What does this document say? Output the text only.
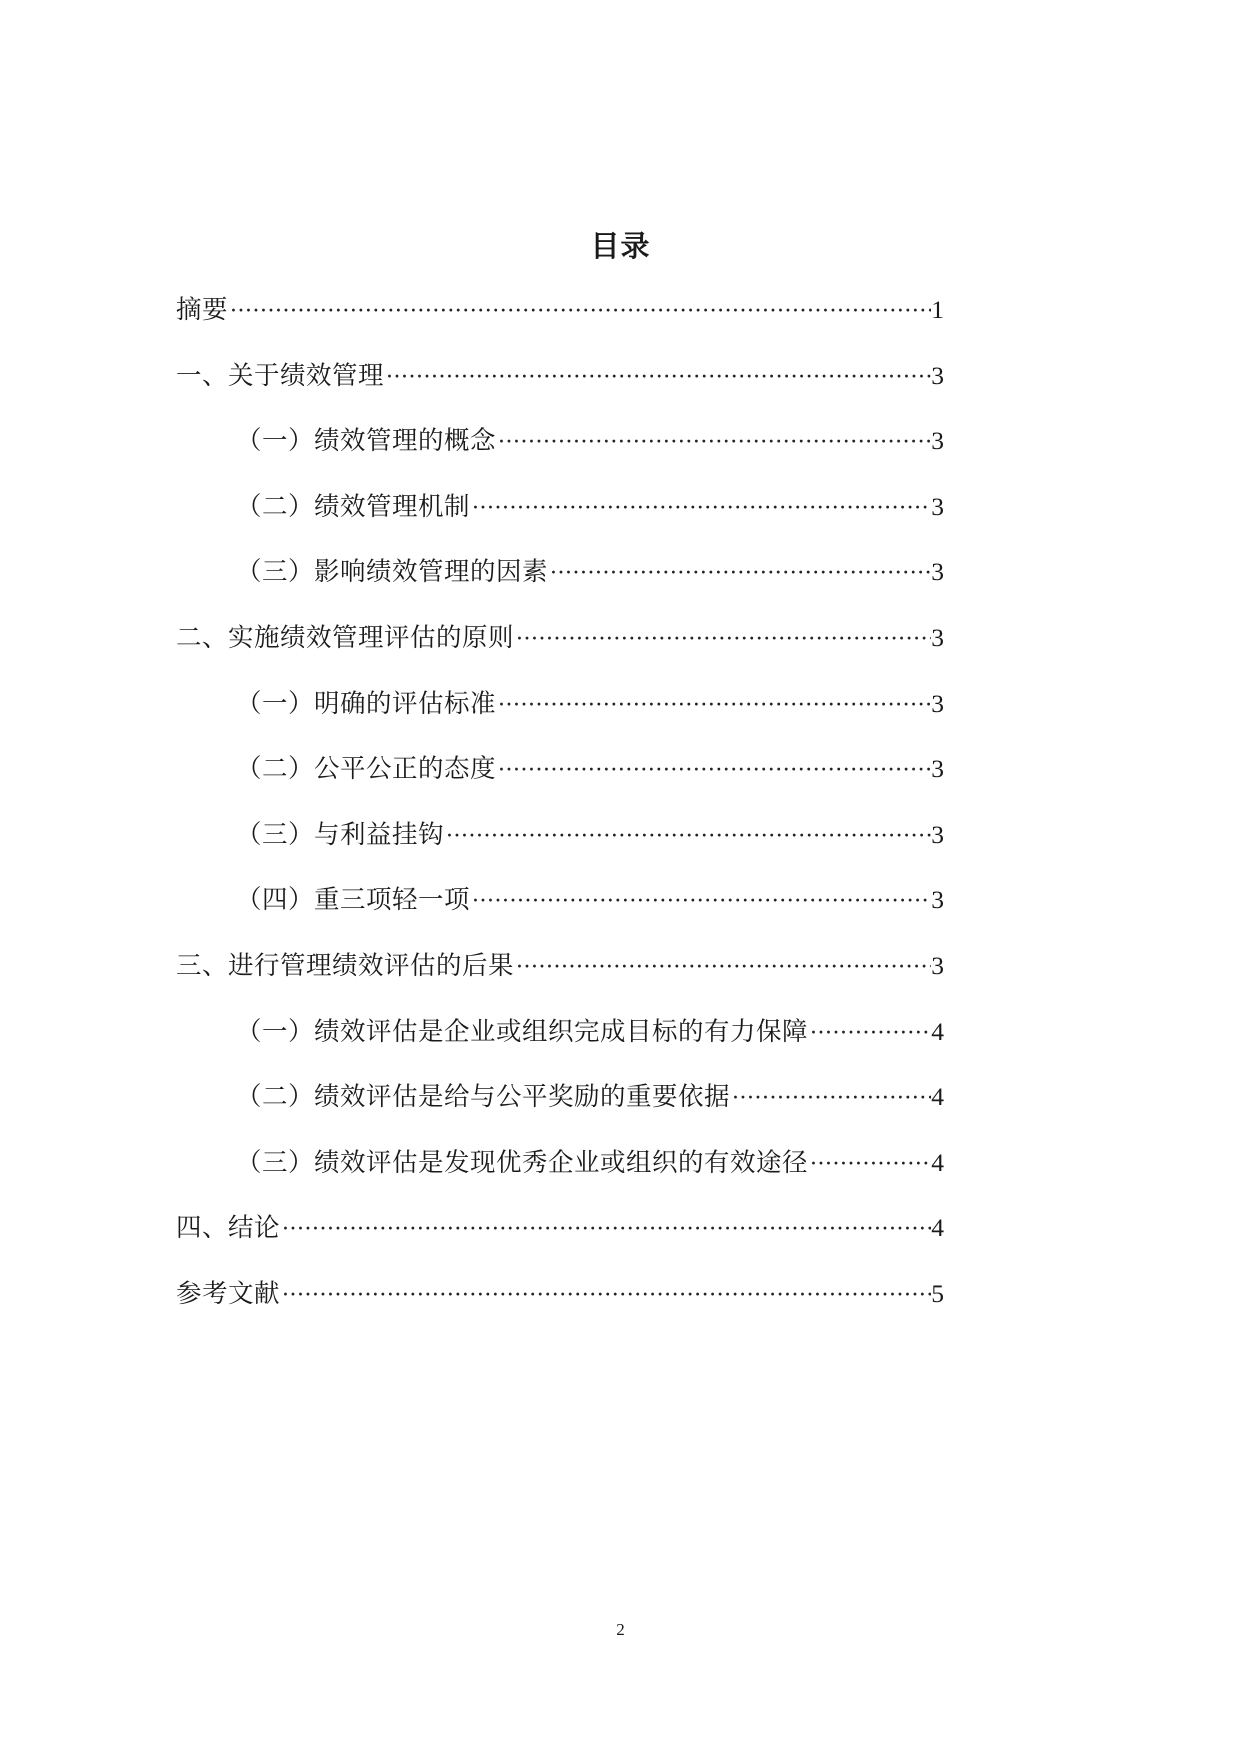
目录
摘要 ·····	1
一、关于绩效管理 ·····	3
（一）绩效管理的概念 ·····	3
（二）绩效管理机制 ·····	3
（三）影响绩效管理的因素 ·····	3
二、实施绩效管理评估的原则 ·····	3
（一）明确的评估标准 ·····	3
（二）公平公正的态度 ·····	3
（三）与利益挂钩 ·····	3
（四）重三项轻一项 ·····	3
三、进行管理绩效评估的后果 ·····	3
（一）绩效评估是企业或组织完成目标的有力保障 ·····	4
（二）绩效评估是给与公平奖励的重要依据 ·····	4
（三）绩效评估是发现优秀企业或组织的有效途径 ·····	4
四、结论 ·····	4
参考文献 ·····	5
2
